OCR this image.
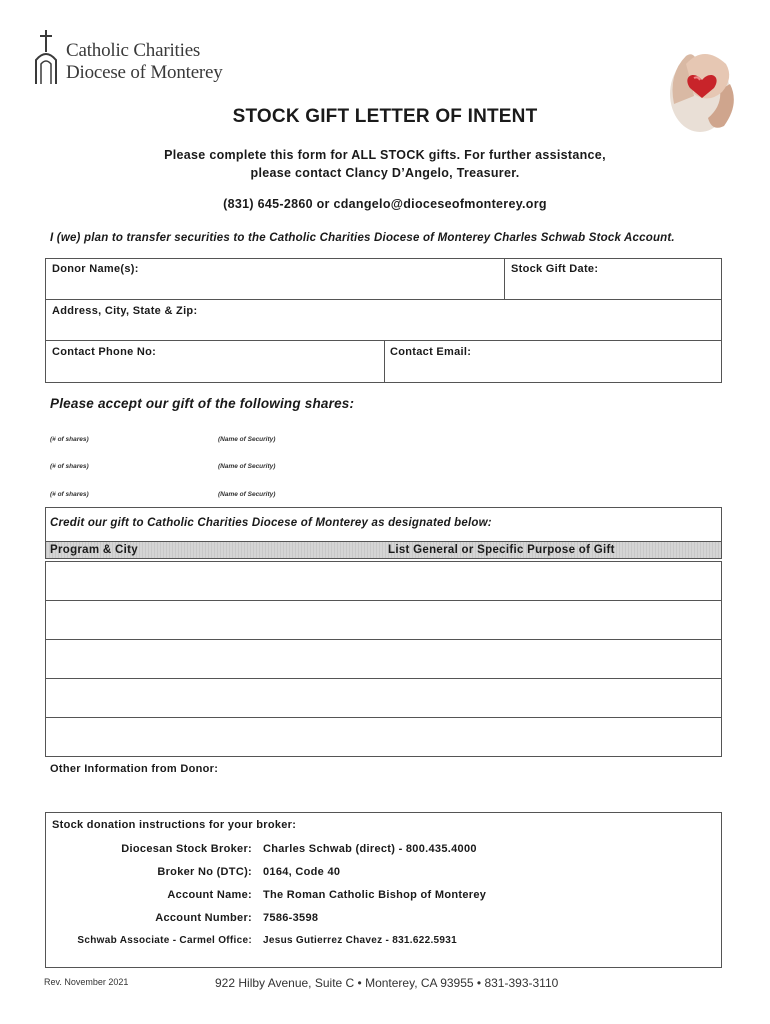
Catholic Charities
Diocese of Monterey
STOCK GIFT LETTER OF INTENT
Please complete this form for ALL STOCK gifts. For further assistance,
please contact Clancy D’Angelo, Treasurer.
(831) 645-2860 or cdangelo@dioceseofmonterey.org
I (we) plan to transfer securities to the Catholic Charities Diocese of Monterey Charles Schwab Stock Account.
Donor Name(s):	Stock Gift Date:
Address, City, State & Zip:
Contact Phone No:	Contact Email:
Please accept our gift of the following shares:
(# of shares)	(Name of Security)
(# of shares)	(Name of Security)
(# of shares)	(Name of Security)
Credit our gift to Catholic Charities Diocese of Monterey as designated below:
Program & City	List General or Specific Purpose of Gift
Other Information from Donor:
Stock donation instructions for your broker:
Diocesan Stock Broker: Charles Schwab (direct) - 800.435.4000
Broker No (DTC): 0164, Code 40
Account Name: The Roman Catholic Bishop of Monterey
Account Number: 7586-3598
Schwab Associate - Carmel Office: Jesus Gutierrez Chavez - 831.622.5931
Rev. November 2021	922 Hilby Avenue, Suite C • Monterey, CA 93955 • 831-393-3110
